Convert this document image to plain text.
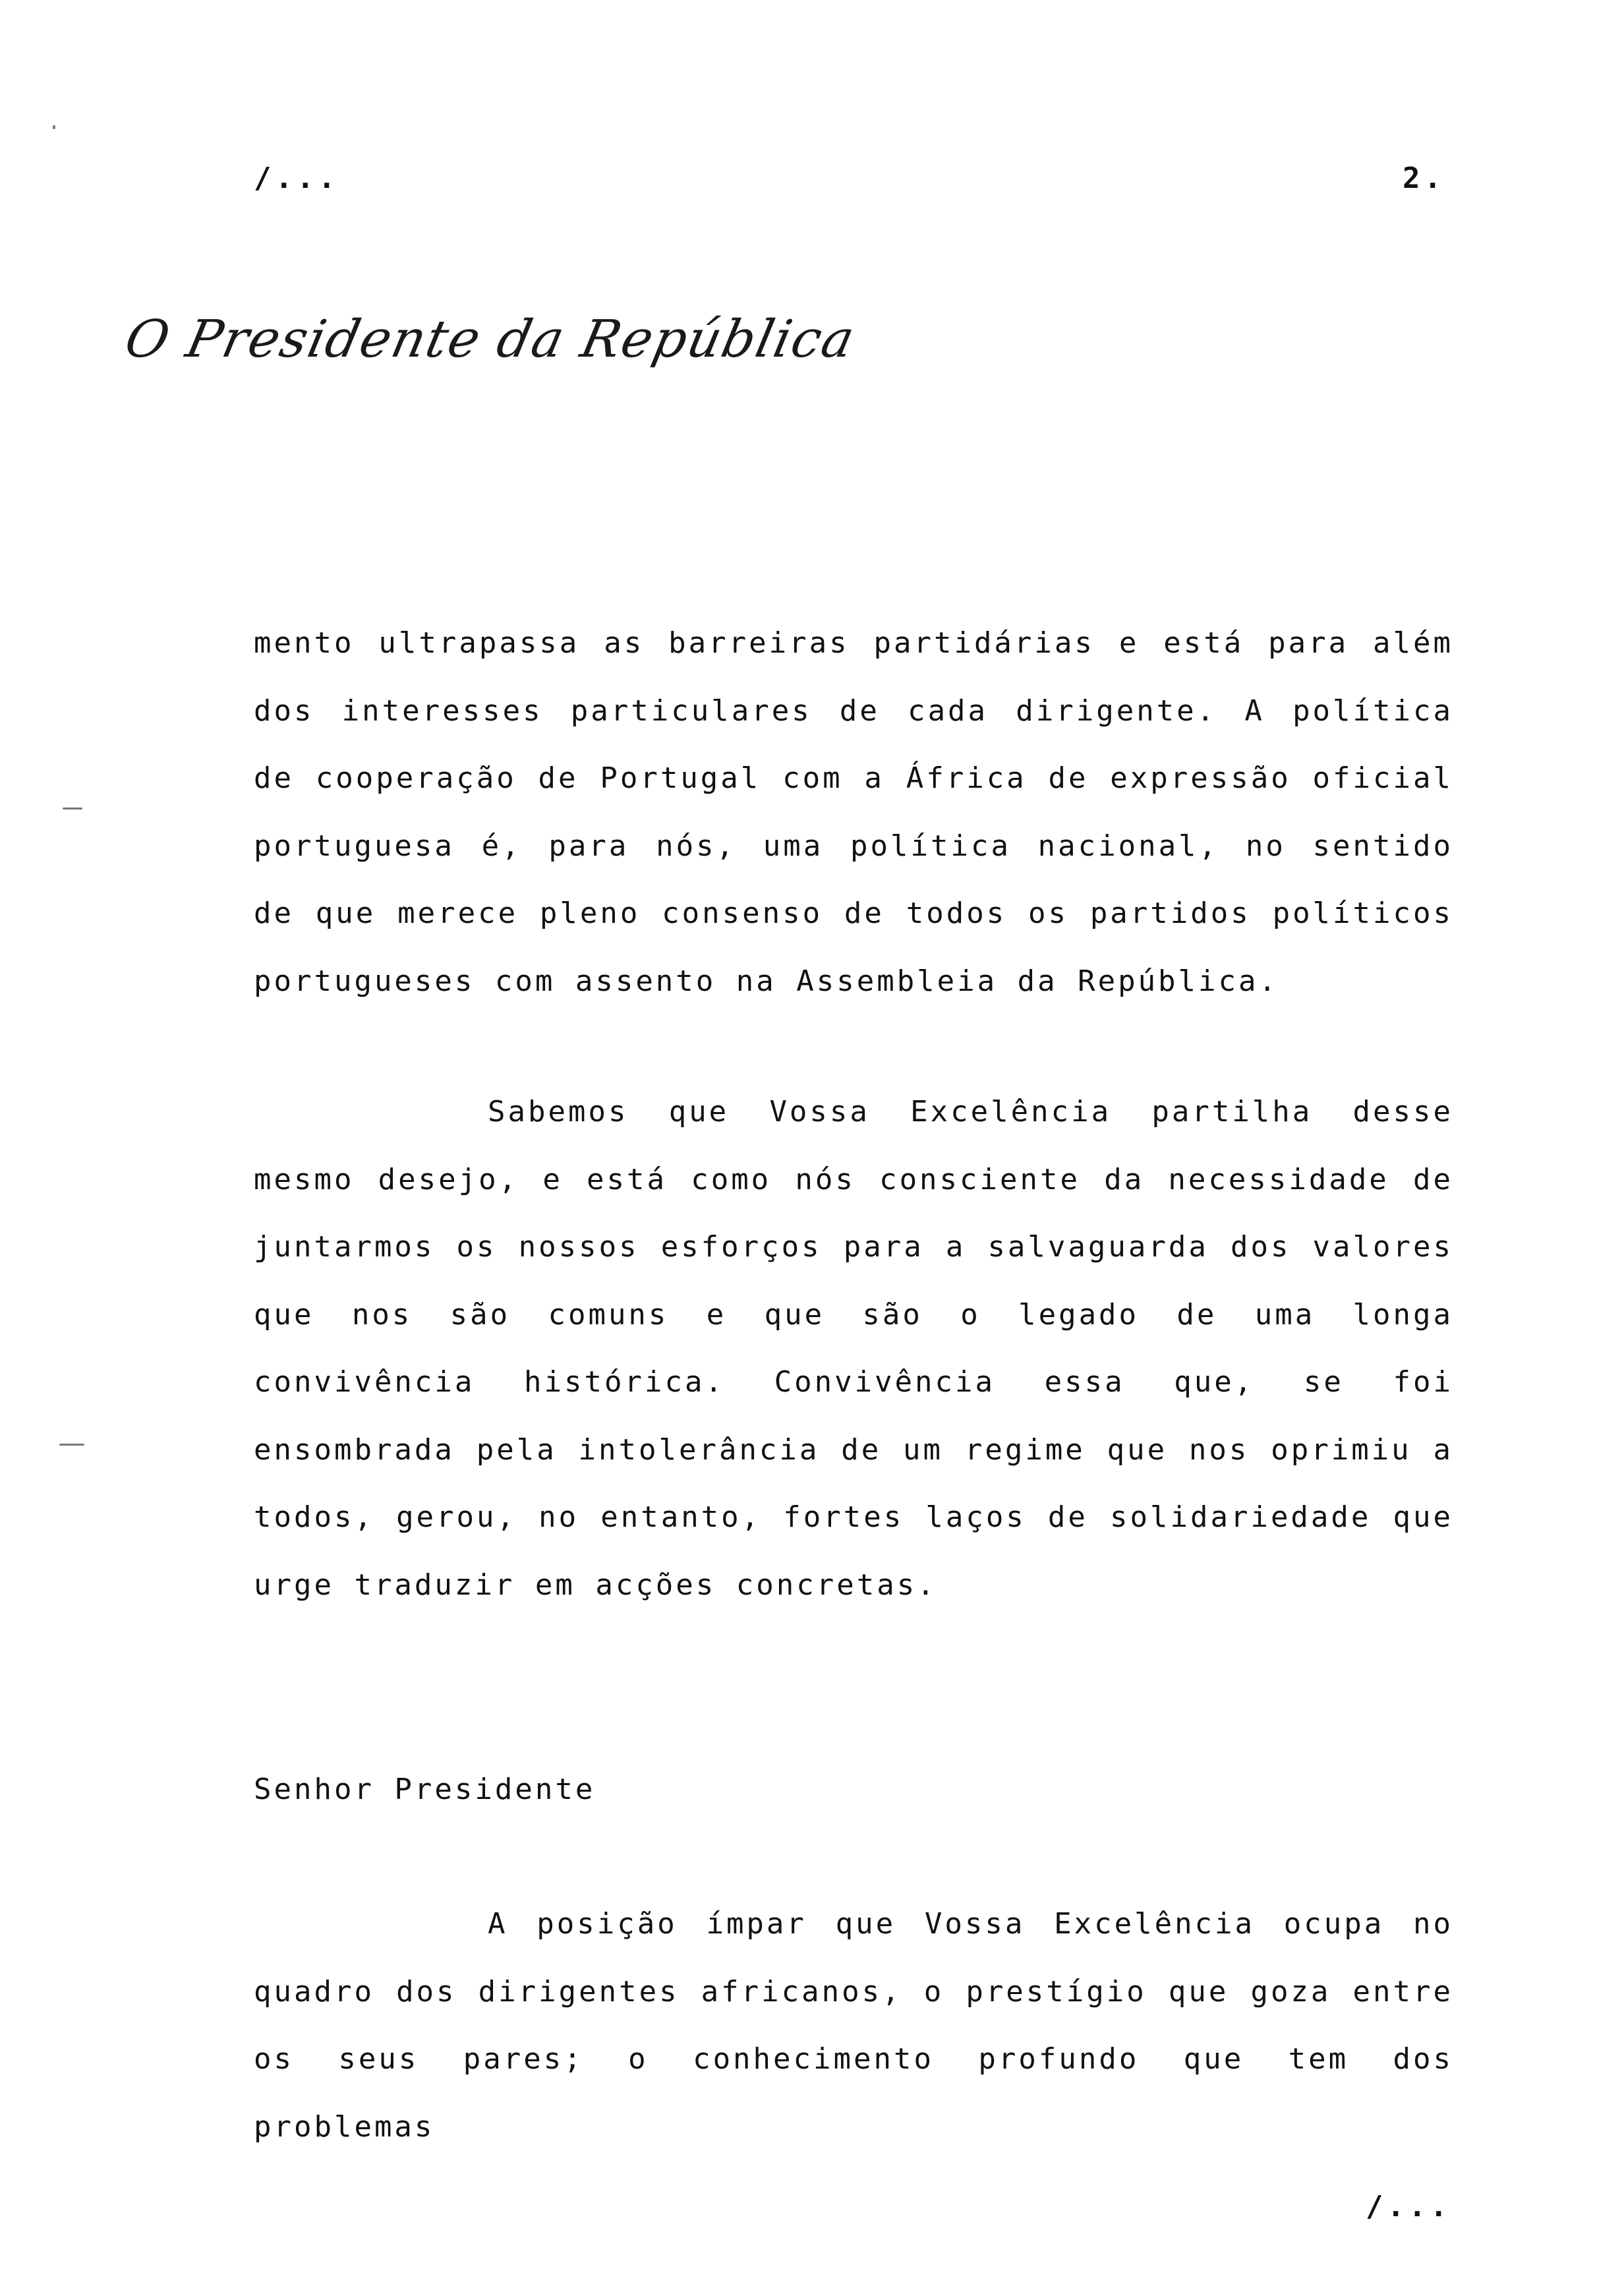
/...	2.
O Presidente da República

mento ultrapassa as barreiras partidárias e está para além dos interesses particulares de cada dirigente. A política de cooperação de Portugal com a África de expressão oficial portuguesa é, para nós, uma política nacional, no sentido de que merece pleno consenso de todos os partidos políticos portugueses com assento na Assembleia da República.

Sabemos que Vossa Excelência partilha desse mesmo desejo, e está como nós consciente da necessidade de juntarmos os nossos esforços para a salvaguarda dos valores que nos são comuns e que são o legado de uma longa convivência histórica. Convivência essa que, se foi ensombrada pela intolerância de um regime que nos oprimiu a todos, gerou, no entanto, fortes laços de solidariedade que urge traduzir em acções concretas.

Senhor Presidente

A posição ímpar que Vossa Excelência ocupa no quadro dos dirigentes africanos, o prestígio que goza entre os seus pares; o conhecimento profundo que tem dos problemas

/...
